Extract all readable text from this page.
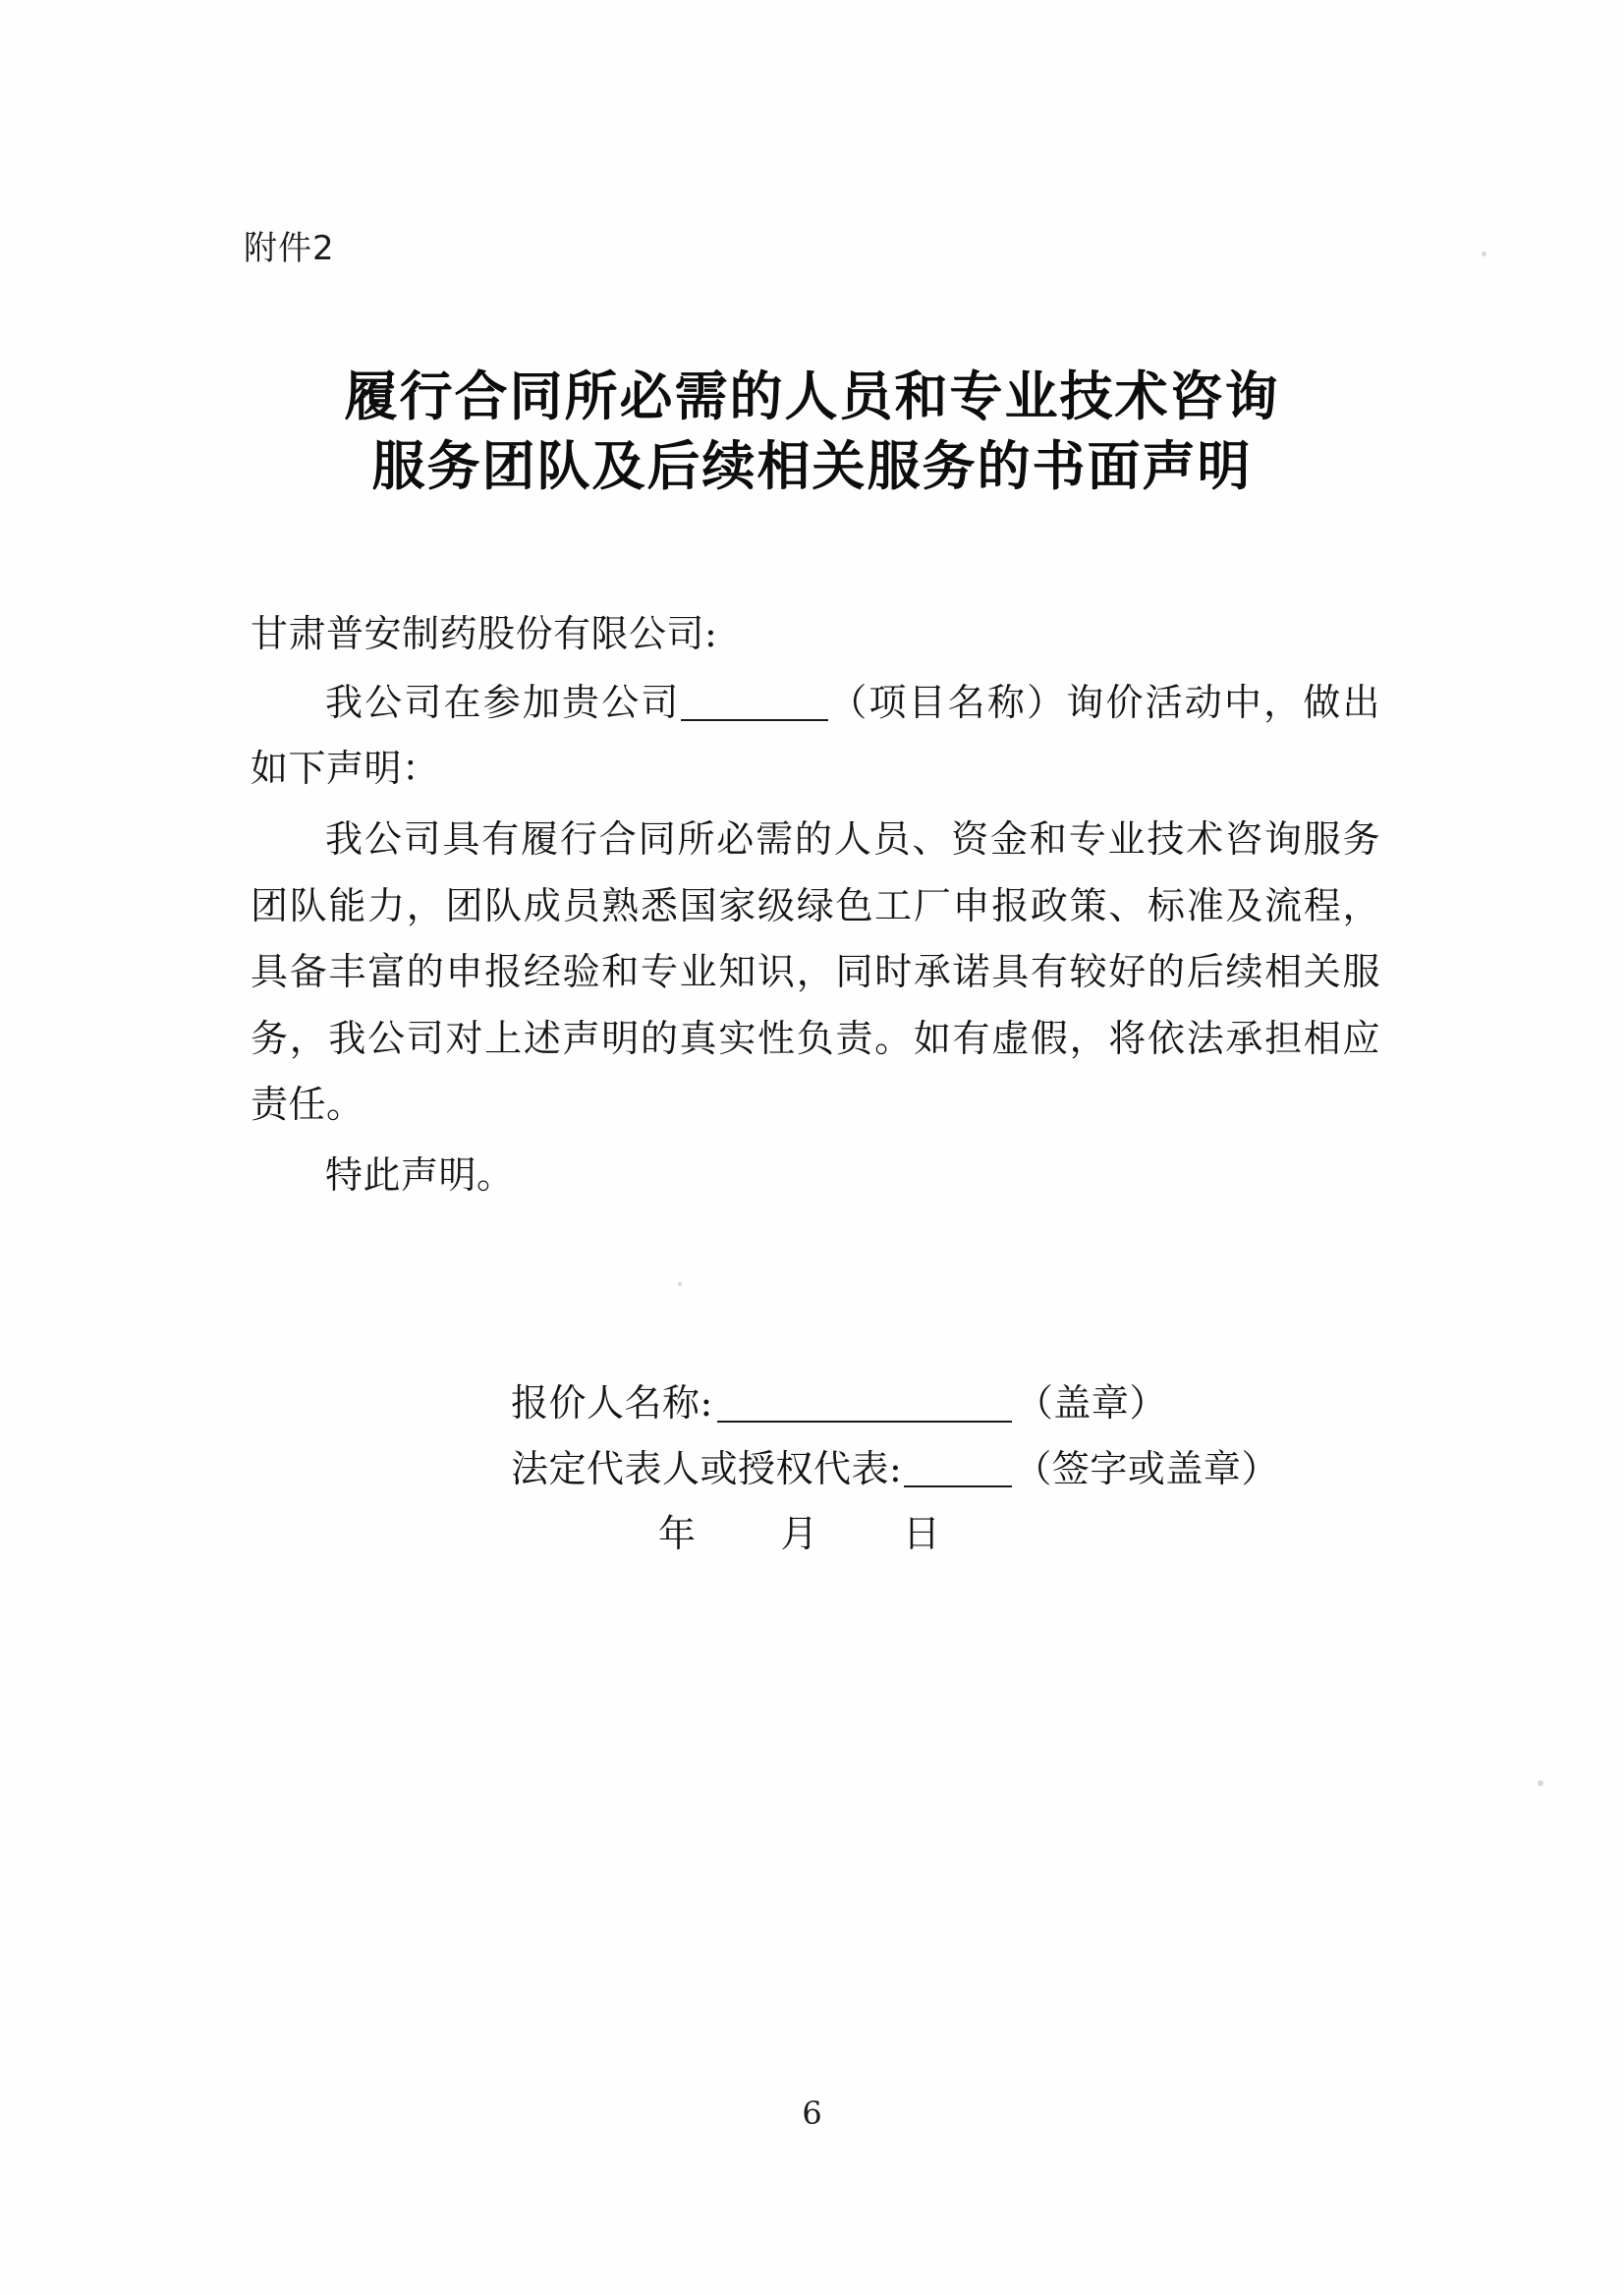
附件2
履行合同所必需的人员和专业技术咨询
服务团队及后续相关服务的书面声明

甘肃普安制药股份有限公司:

我公司在参加贵公司	（项目名称）询价活动中，做出如下声明：

我公司具有履行合同所必需的人员、资金和专业技术咨询服务团队能力，团队成员熟悉国家级绿色工厂申报政策、标准及流程，具备丰富的申报经验和专业知识，同时承诺具有较好的后续相关服务，我公司对上述声明的真实性负责。如有虚假，将依法承担相应责任。

特此声明。

报价人名称:	（盖章）
法定代表人或授权代表:	（签字或盖章）
年 月 日
6
